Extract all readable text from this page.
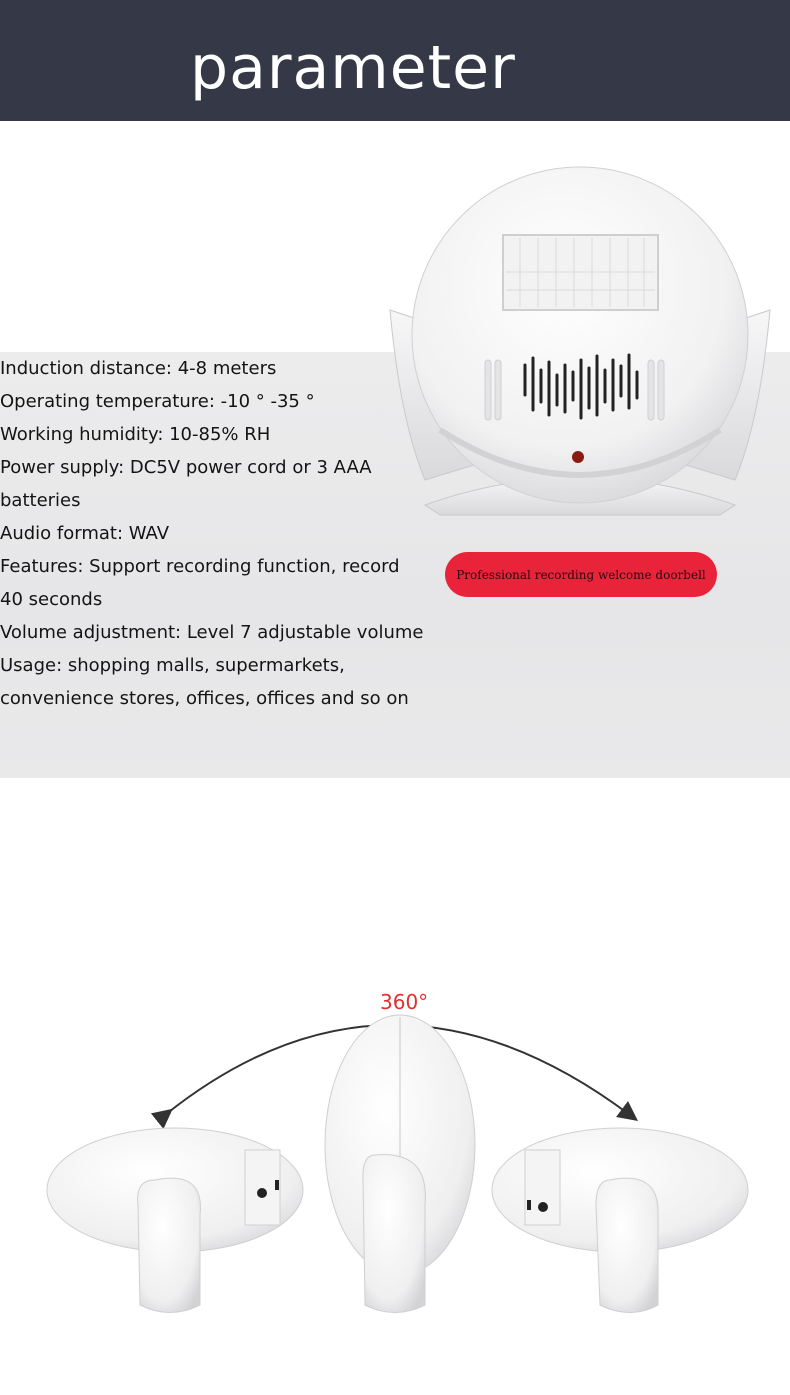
parameter
Induction distance: 4-8 meters
Operating temperature: -10 ° -35 °
Working humidity: 10-85% RH
Power supply: DC5V power cord or 3 AAA
batteries
Audio format: WAV
Features: Support recording function, record
40 seconds
Volume adjustment: Level 7 adjustable volume
Usage: shopping malls, supermarkets,
convenience stores, offices, offices and so on
Professional recording welcome doorbell
360°
